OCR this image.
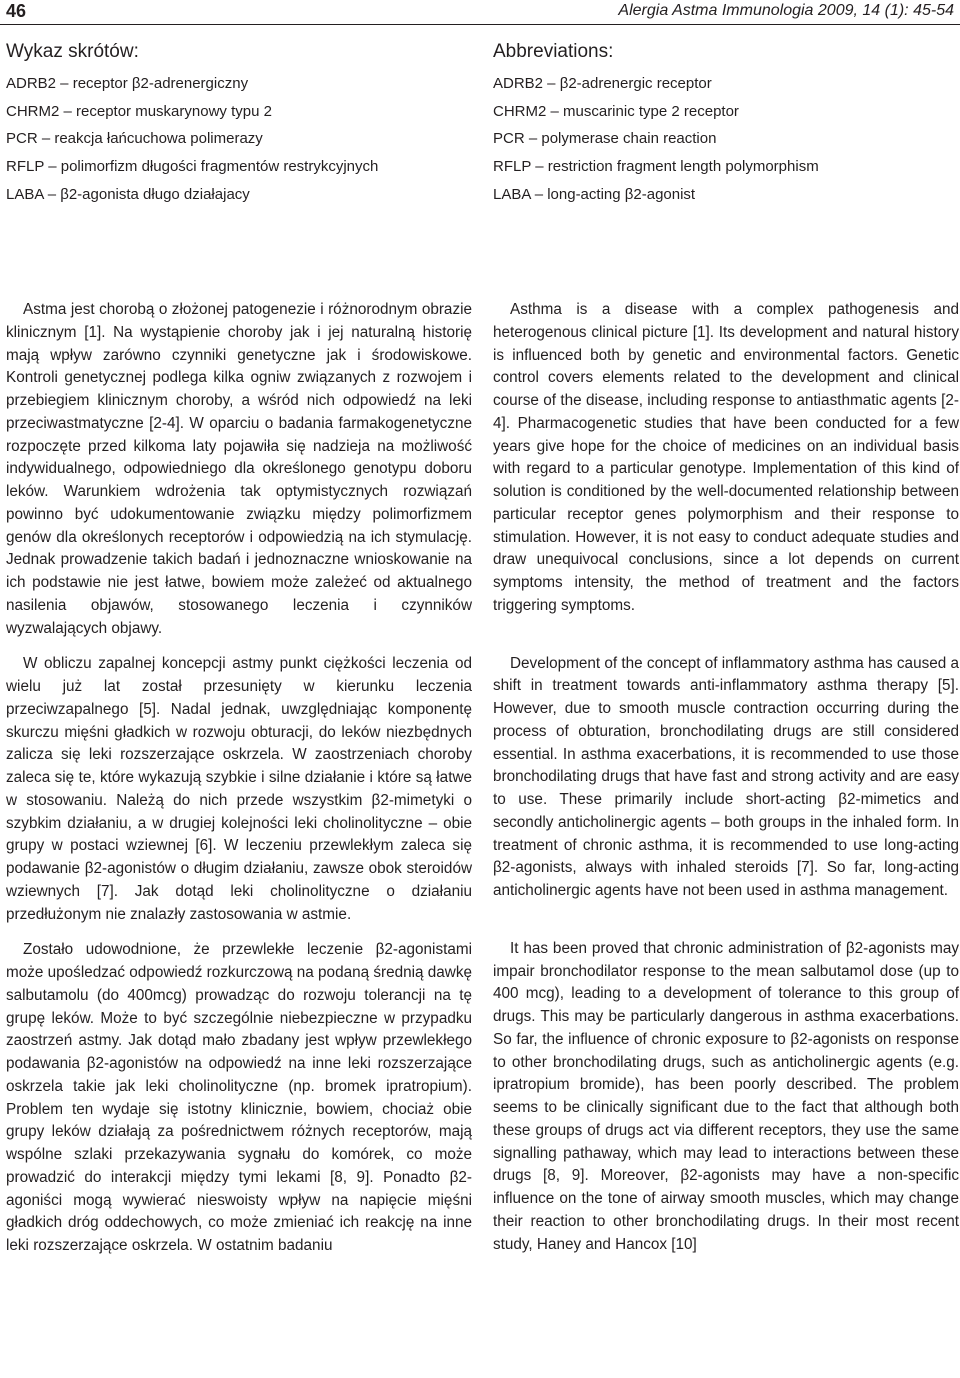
46	Alergia Astma Immunologia 2009, 14 (1): 45-54
Wykaz skrótów:
ADRB2 – receptor β2-adrenergiczny
CHRM2 – receptor muskarynowy typu 2
PCR – reakcja łańcuchowa polimerazy
RFLP – polimorfizm długości fragmentów restrykcyjnych
LABA – β2-agonista długo działajacy
Abbreviations:
ADRB2 – β2-adrenergic receptor
CHRM2 – muscarinic type 2 receptor
PCR – polymerase chain reaction
RFLP – restriction fragment length polymorphism
LABA – long-acting β2-agonist

Astma jest chorobą o złożonej patogenezie i różnorodnym obrazie klinicznym [1]. Na wystąpienie choroby jak i jej naturalną historię mają wpływ zarówno czynniki genetyczne jak i środowiskowe. Kontroli genetycznej podlega kilka ogniw związanych z rozwojem i przebiegiem klinicznym choroby, a wśród nich odpowiedź na leki przeciwastmatyczne [2-4]. W oparciu o badania farmakogenetyczne rozpoczęte przed kilkoma laty pojawiła się nadzieja na możliwość indywidualnego, odpowiedniego dla określonego genotypu doboru leków. Warunkiem wdrożenia tak optymistycznych rozwiązań powinno być udokumentowanie związku między polimorfizmem genów dla określonych receptorów i odpowiedzią na ich stymulację. Jednak prowadzenie takich badań i jednoznaczne wnioskowanie na ich podstawie nie jest łatwe, bowiem może zależeć od aktualnego nasilenia objawów, stosowanego leczenia i czynników wyzwalających objawy.

W obliczu zapalnej koncepcji astmy punkt ciężkości leczenia od wielu już lat został przesunięty w kierunku leczenia przeciwzapalnego [5]. Nadal jednak, uwzględniając komponentę skurczu mięśni gładkich w rozwoju obturacji, do leków niezbędnych zalicza się leki rozszerzające oskrzela. W zaostrzeniach choroby zaleca się te, które wykazują szybkie i silne działanie i które są łatwe w stosowaniu. Należą do nich przede wszystkim β2-mimetyki o szybkim działaniu, a w drugiej kolejności leki cholinolityczne – obie grupy w postaci wziewnej [6]. W leczeniu przewlekłym zaleca się podawanie β2-agonistów o długim działaniu, zawsze obok steroidów wziewnych [7]. Jak dotąd leki cholinolityczne o działaniu przedłużonym nie znalazły zastosowania w astmie.

Zostało udowodnione, że przewlekłe leczenie β2-agonistami może upośledzać odpowiedź rozkurczową na podaną średnią dawkę salbutamolu (do 400mcg) prowadząc do rozwoju tolerancji na tę grupę leków. Może to być szczególnie niebezpieczne w przypadku zaostrzeń astmy. Jak dotąd mało zbadany jest wpływ przewlekłego podawania β2-agonistów na odpowiedź na inne leki rozszerzające oskrzela takie jak leki cholinolityczne (np. bromek ipratropium). Problem ten wydaje się istotny klinicznie, bowiem, chociaż obie grupy leków działają za pośrednictwem różnych receptorów, mają wspólne szlaki przekazywania sygnału do komórek, co może prowadzić do interakcji między tymi lekami [8, 9]. Ponadto β2-agoniści mogą wywierać nieswoisty wpływ na napięcie mięśni gładkich dróg oddechowych, co może zmieniać ich reakcję na inne leki rozszerzające oskrzela. W ostatnim badaniu

Asthma is a disease with a complex pathogenesis and heterogenous clinical picture [1]. Its development and natural history is influenced both by genetic and environmental factors. Genetic control covers elements related to the development and clinical course of the disease, including response to antiasthmatic agents [2-4]. Pharmacogenetic studies that have been conducted for a few years give hope for the choice of medicines on an individual basis with regard to a particular genotype. Implementation of this kind of solution is conditioned by the well-documented relationship between particular receptor genes polymorphism and their response to stimulation. However, it is not easy to conduct adequate studies and draw unequivocal conclusions, since a lot depends on current symptoms intensity, the method of treatment and the factors triggering symptoms.

Development of the concept of inflammatory asthma has caused a shift in treatment towards anti-inflammatory asthma therapy [5]. However, due to smooth muscle contraction occurring during the process of obturation, bronchodilating drugs are still considered essential. In asthma exacerbations, it is recommended to use those bronchodilating drugs that have fast and strong activity and are easy to use. These primarily include short-acting β2-mimetics and secondly anticholinergic agents – both groups in the inhaled form. In treatment of chronic asthma, it is recommended to use long-acting β2-agonists, always with inhaled steroids [7]. So far, long-acting anticholinergic agents have not been used in asthma management.

It has been proved that chronic administration of β2-agonists may impair bronchodilator response to the mean salbutamol dose (up to 400 mcg), leading to a development of tolerance to this group of drugs. This may be particularly dangerous in asthma exacerbations. So far, the influence of chronic exposure to β2-agonists on response to other bronchodilating drugs, such as anticholinergic agents (e.g. ipratropium bromide), has been poorly described. The problem seems to be clinically significant due to the fact that although both these groups of drugs act via different receptors, they use the same signalling pathaway, which may lead to interactions between these drugs [8, 9]. Moreover, β2-agonists may have a non-specific influence on the tone of airway smooth muscles, which may change their reaction to other bronchodilating drugs. In their most recent study, Haney and Hancox [10]
